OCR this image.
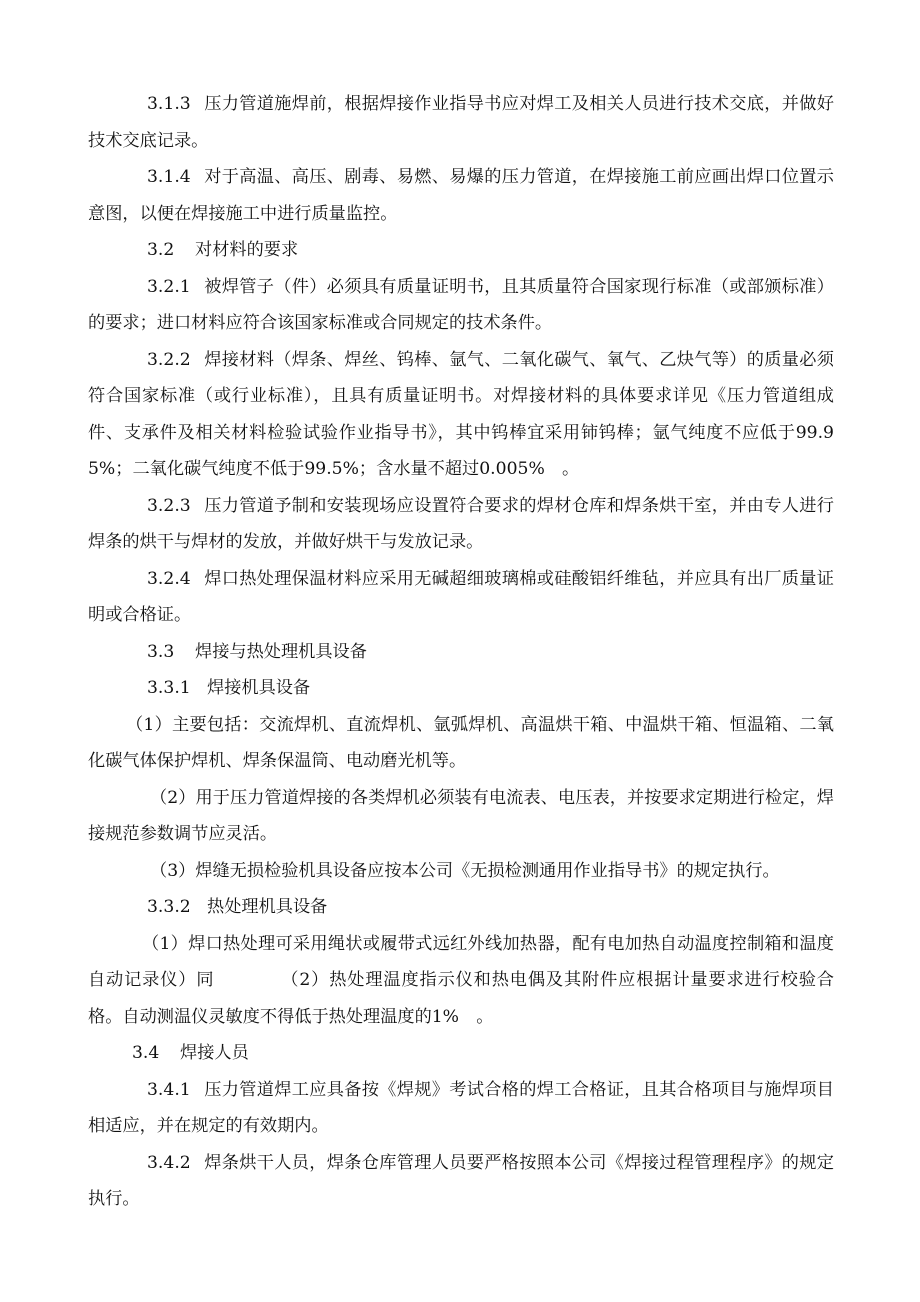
3.1.3 压力管道施焊前，根据焊接作业指导书应对焊工及相关人员进行技术交底，并做好技术交底记录。

3.1.4 对于高温、高压、剧毒、易燃、易爆的压力管道，在焊接施工前应画出焊口位置示意图，以便在焊接施工中进行质量监控。

3.2 对材料的要求

3.2.1 被焊管子（件）必须具有质量证明书，且其质量符合国家现行标准（或部颁标准）的要求；进口材料应符合该国家标准或合同规定的技术条件。

3.2.2 焊接材料（焊条、焊丝、钨棒、氩气、二氧化碳气、氧气、乙炔气等）的质量必须符合国家标准（或行业标准），且具有质量证明书。对焊接材料的具体要求详见《压力管道组成件、支承件及相关材料检验试验作业指导书》，其中钨棒宜采用铈钨棒；氩气纯度不应低于99.95%；二氧化碳气纯度不低于99.5%；含水量不超过0.005%　。

3.2.3 压力管道予制和安装现场应设置符合要求的焊材仓库和焊条烘干室，并由专人进行焊条的烘干与焊材的发放，并做好烘干与发放记录。

3.2.4 焊口热处理保温材料应采用无碱超细玻璃棉或硅酸铝纤维毡，并应具有出厂质量证明或合格证。

3.3 焊接与热处理机具设备

3.3.1 焊接机具设备

（1）主要包括：交流焊机、直流焊机、氩弧焊机、高温烘干箱、中温烘干箱、恒温箱、二氧化碳气体保护焊机、焊条保温筒、电动磨光机等。

（2）用于压力管道焊接的各类焊机必须装有电流表、电压表，并按要求定期进行检定，焊接规范参数调节应灵活。

（3）焊缝无损检验机具设备应按本公司《无损检测通用作业指导书》的规定执行。

3.3.2 热处理机具设备

（1）焊口热处理可采用绳状或履带式远红外线加热器，配有电加热自动温度控制箱和温度自动记录仪）同	（2）热处理温度指示仪和热电偶及其附件应根据计量要求进行校验合格。自动测温仪灵敏度不得低于热处理温度的1%　。

3.4 焊接人员

3.4.1 压力管道焊工应具备按《焊规》考试合格的焊工合格证，且其合格项目与施焊项目相适应，并在规定的有效期内。

3.4.2 焊条烘干人员，焊条仓库管理人员要严格按照本公司《焊接过程管理程序》的规定执行。
